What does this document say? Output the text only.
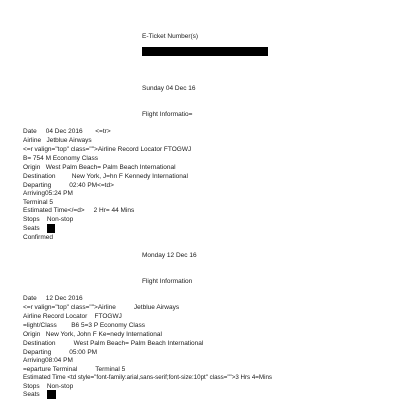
E-Ticket Number(s)
Sunday 04 Dec 16
Flight Informatio=
Date     04 Dec 2016       <=tr>
Airline   Jetblue Airways
<=r valign="top" class="">Airline Record Locator FTOGWJ
B= 754 M Economy Class
Origin   West Palm Beach= Palm Beach International
Destination         New York, J=hn F Kennedy International
Departing          02:40 PM<=td>
Arriving05:24 PM
Terminal 5
Estimated Time</=d>     2 Hr= 44 Mins
Stops    Non-stop
Seats
Confirmed
Monday 12 Dec 16
Flight Information
Date     12 Dec 2016
<=r valign="top" class="">Airline          Jetblue Airways
Airline Record Locator    FTOGWJ
=light/Class        B6 5=3 P Economy Class
Origin   New York, John F Ke=nedy International
Destination          West Palm Beach= Palm Beach International
Departing          05:00 PM
Arriving08:04 PM
=eparture Terminal          Terminal 5
Estimated Time <td style="font-family:arial,sans-serif;font-size:10pt" class="">3 Hrs 4=Mins
Stops    Non-stop
Seats
